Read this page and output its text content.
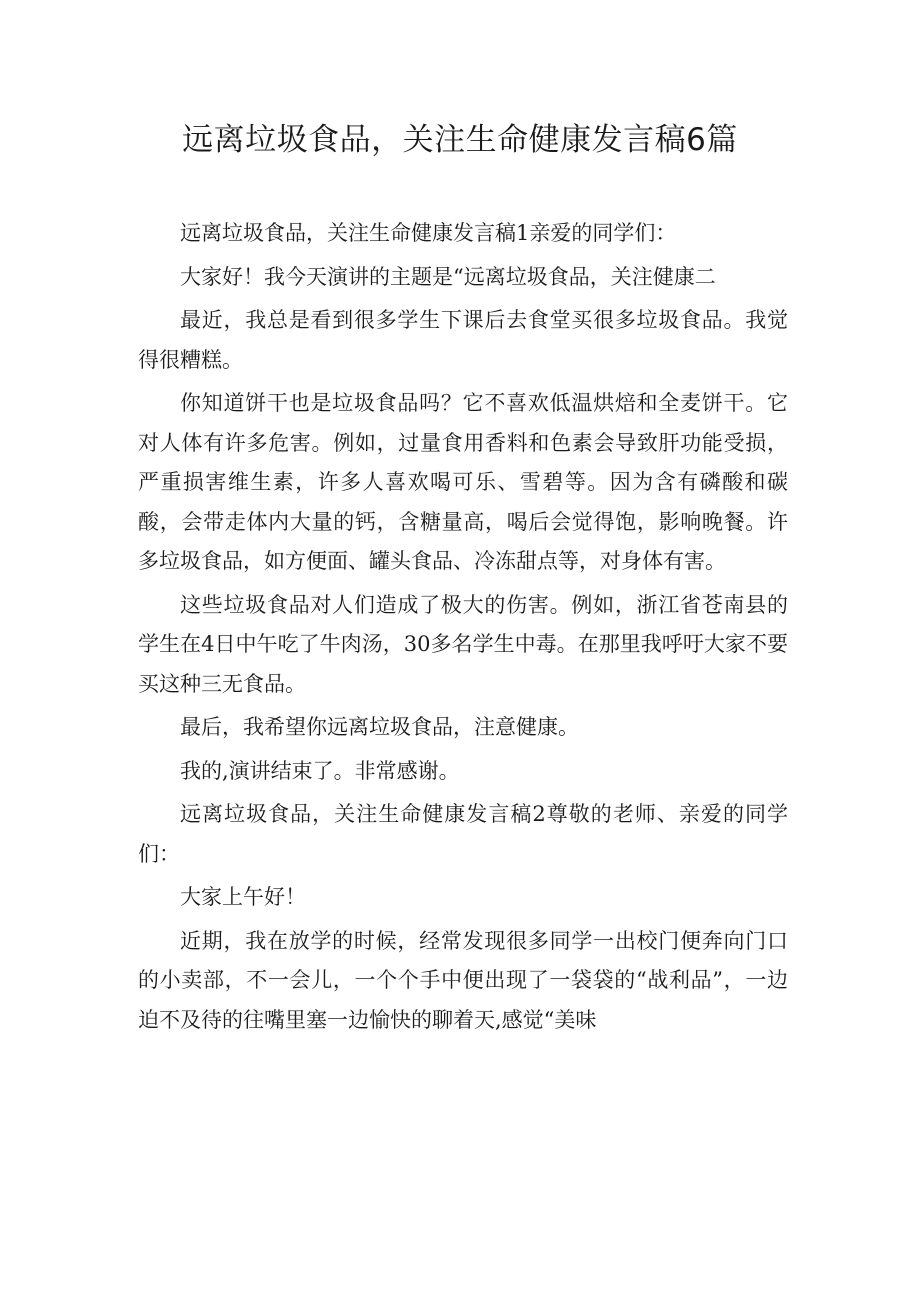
远离垃圾食品，关注生命健康发言稿6篇

远离垃圾食品，关注生命健康发言稿1亲爱的同学们：

大家好！我今天演讲的主题是“远离垃圾食品，关注健康二

最近，我总是看到很多学生下课后去食堂买很多垃圾食品。我觉得很糟糕。

你知道饼干也是垃圾食品吗？它不喜欢低温烘焙和全麦饼干。它对人体有许多危害。例如，过量食用香料和色素会导致肝功能受损，严重损害维生素，许多人喜欢喝可乐、雪碧等。因为含有磷酸和碳酸，会带走体内大量的钙，含糖量高，喝后会觉得饱，影响晚餐。许多垃圾食品，如方便面、罐头食品、冷冻甜点等，对身体有害。

这些垃圾食品对人们造成了极大的伤害。例如，浙江省苍南县的学生在4日中午吃了牛肉汤，30多名学生中毒。在那里我呼吁大家不要买这种三无食品。

最后，我希望你远离垃圾食品，注意健康。

我的,演讲结束了。非常感谢。

远离垃圾食品，关注生命健康发言稿2尊敬的老师、亲爱的同学们：

大家上午好！

近期，我在放学的时候，经常发现很多同学一出校门便奔向门口的小卖部，不一会儿，一个个手中便出现了一袋袋的“战利品”，一边迫不及待的往嘴里塞一边愉快的聊着天,感觉“美味
